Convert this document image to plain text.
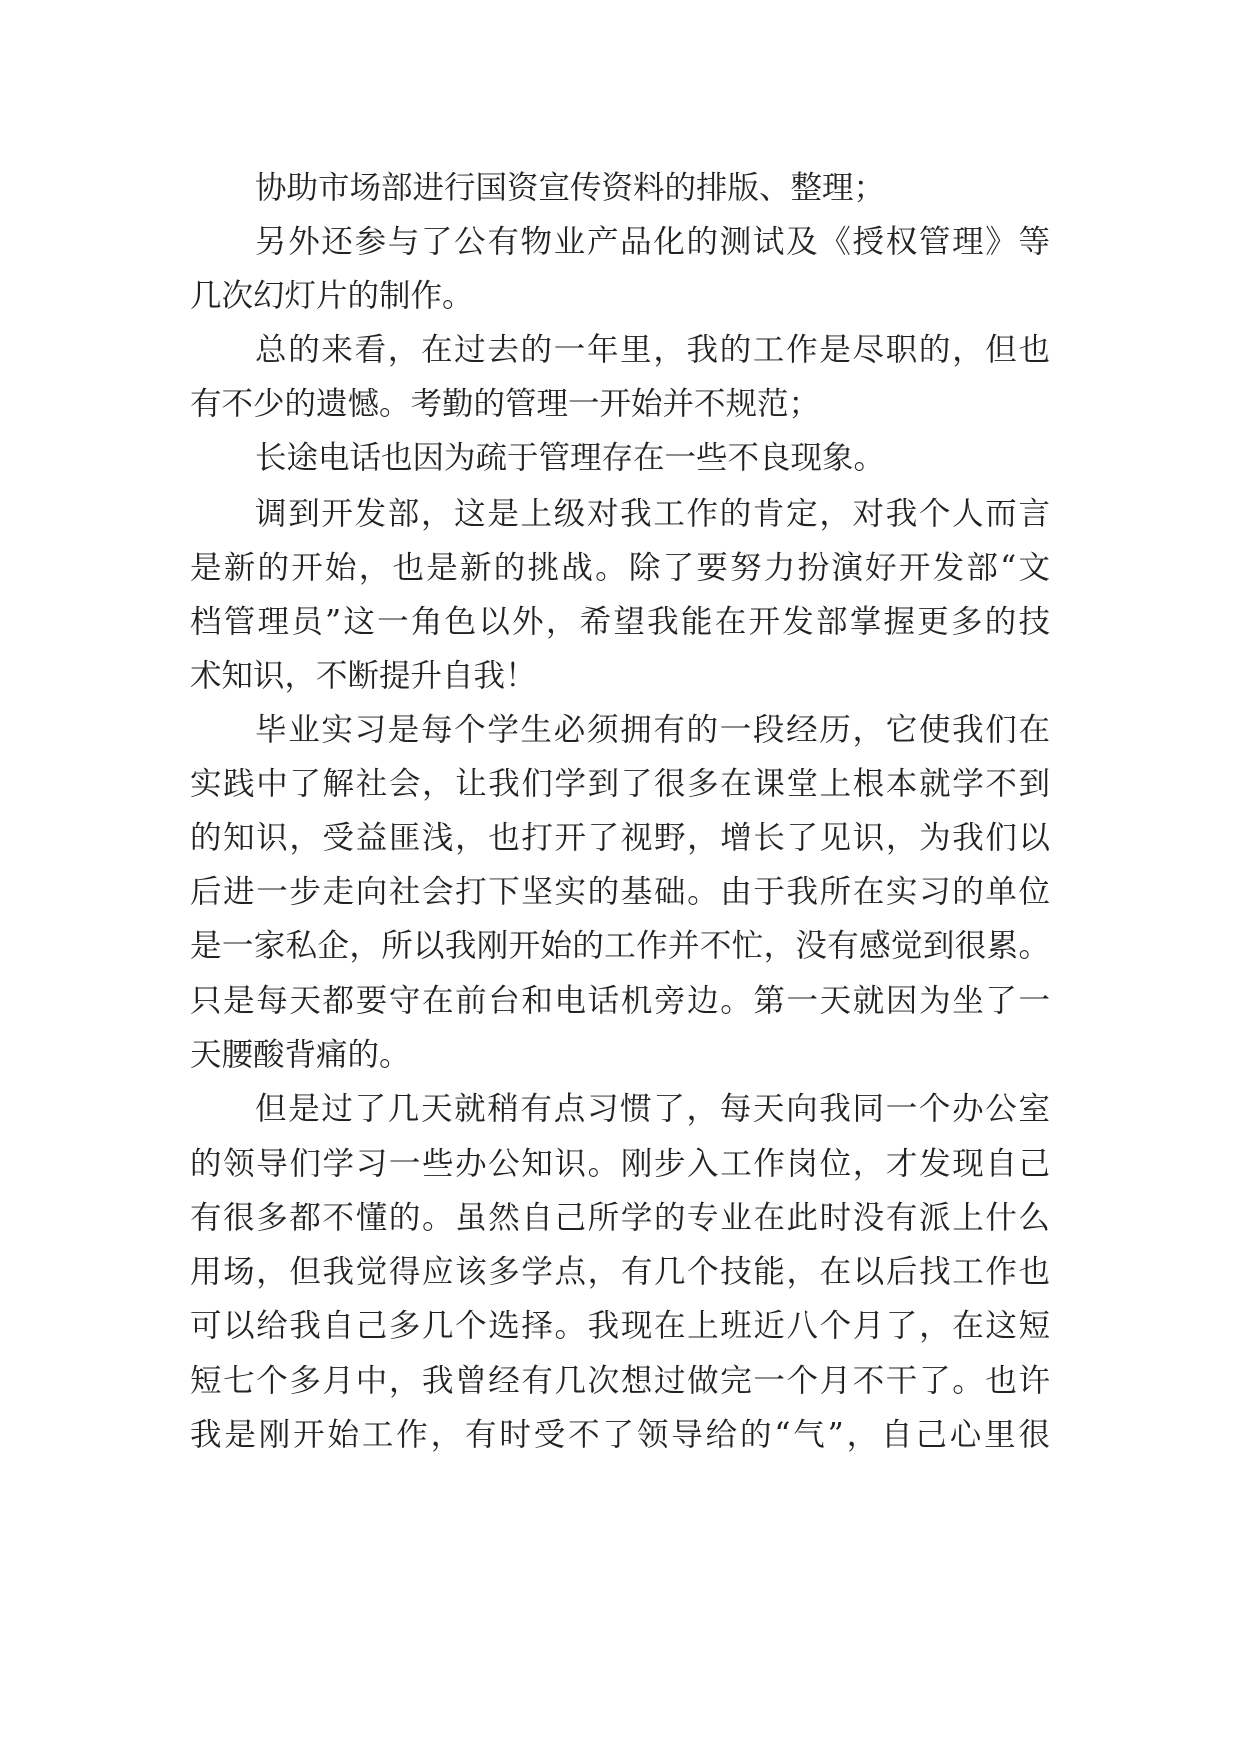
协助市场部进行国资宣传资料的排版、整理；
另外还参与了公有物业产品化的测试及《授权管理》等
几次幻灯片的制作。
总的来看，在过去的一年里，我的工作是尽职的，但也
有不少的遗憾。考勤的管理一开始并不规范；
长途电话也因为疏于管理存在一些不良现象。
调到开发部，这是上级对我工作的肯定，对我个人而言
是新的开始，也是新的挑战。除了要努力扮演好开发部“文
档管理员”这一角色以外，希望我能在开发部掌握更多的技
术知识，不断提升自我！
毕业实习是每个学生必须拥有的一段经历，它使我们在
实践中了解社会，让我们学到了很多在课堂上根本就学不到
的知识，受益匪浅，也打开了视野，增长了见识，为我们以
后进一步走向社会打下坚实的基础。由于我所在实习的单位
是一家私企，所以我刚开始的工作并不忙，没有感觉到很累。
只是每天都要守在前台和电话机旁边。第一天就因为坐了一
天腰酸背痛的。
但是过了几天就稍有点习惯了，每天向我同一个办公室
的领导们学习一些办公知识。刚步入工作岗位，才发现自己
有很多都不懂的。虽然自己所学的专业在此时没有派上什么
用场，但我觉得应该多学点，有几个技能，在以后找工作也
可以给我自己多几个选择。我现在上班近八个月了，在这短
短七个多月中，我曾经有几次想过做完一个月不干了。也许
我是刚开始工作，有时受不了领导给的“气”，自己心里很
